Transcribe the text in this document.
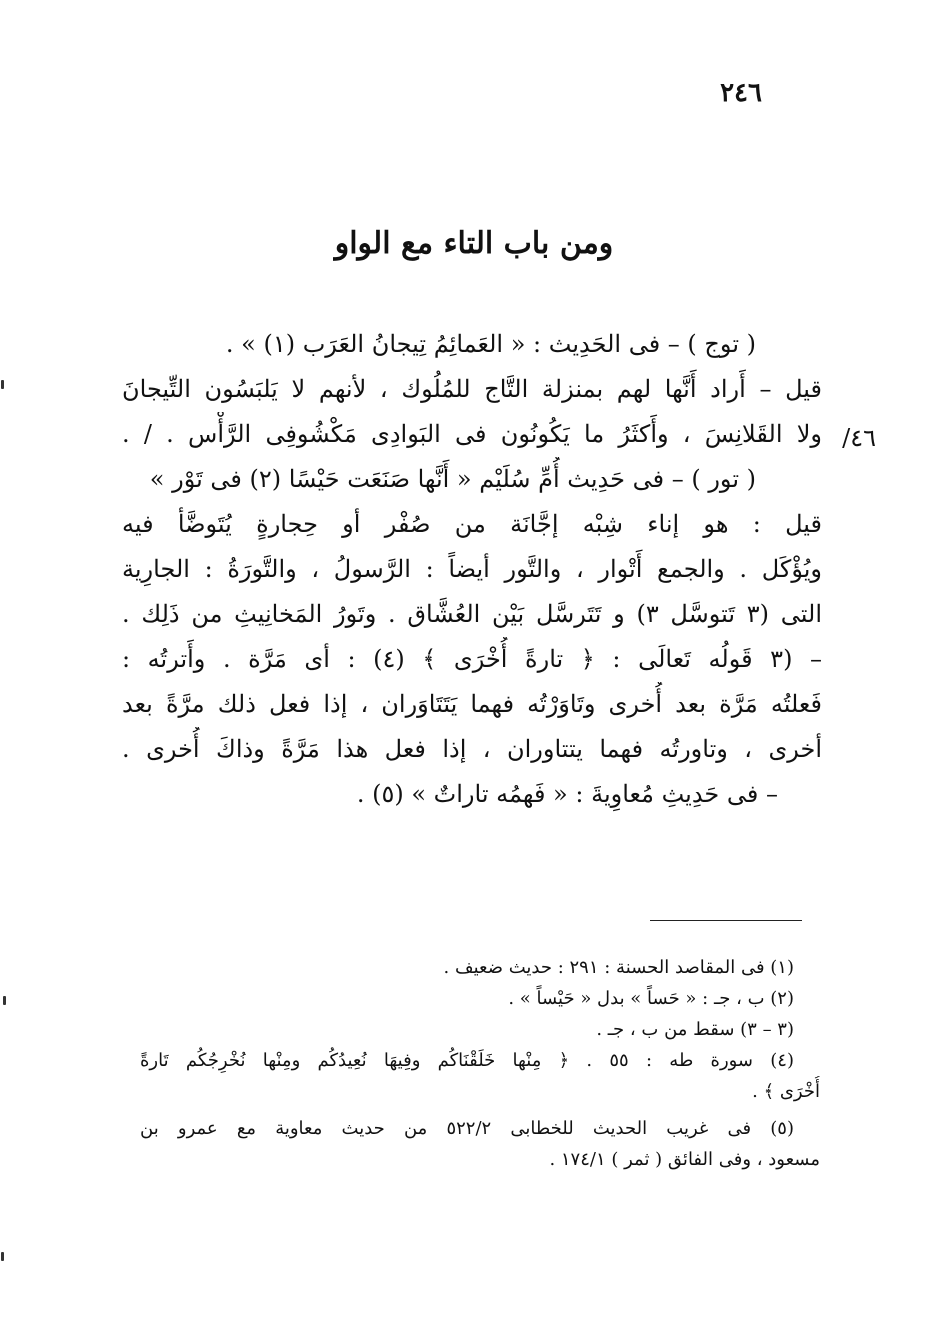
٢٤٦
ومن باب التاء مع الواو
٤٦/
( توج ) – فى الحَدِيث : « العَمائِمُ تِيجانُ العَرَب (١) » .
قيل – أَراد أَنَّها لهم بمنزلة التَّاج للمُلُوك ، لأنهم لا يَلبَسُون التِّيجانَ
ولا القَلانِسَ ، وأَكثَرُ ما يَكُونُون فى البَوادِى مَكْشُوفِى الرَّأْس . / .
( تور ) – فى حَدِيث أُمِّ سُلَيْم « أَنَّها صَنَعَت حَيْسًا (٢) فى تَوْر »
قيل : هو إناء شِبْه إجَّانَة من صُفْر أو حِجارةٍ يُتَوضَّأ فيه
ويُؤْكَل . والجمع أَتْوار ، والتَّور أيضاً : الرَّسولُ ، والتَّورَةُ : الجارِية
التى (٣ تَتوسَّل ٣) و تَتَرسَّل بَيْن العُشَّاق . وتَورُ المَخانِيثِ من ذَلِك .
– (٣ قَولُه تَعالَى : ﴿ تارةً أُخْرَى ﴾ (٤) : أى مَرَّة . وأَترتُه :
فَعلتُه مَرَّة بعد أُخرى وتَاوَرْتُه فهما يَتَتَاوَران ، إذا فعل ذلك مرَّةً بعد
أخرى ، وتاورتُه فهما يتتاوران ، إذا فعل هذا مَرَّةً وذاكَ أُخرى .
– فى حَدِيثِ مُعاوِيةَ : « فَهمُه تاراتٌ » (٥) .
(١) فى المقاصد الحسنة : ٢٩١ : حديث ضعيف .
(٢) ب ، جـ : « حَساً » بدل « حَيْساً » .
(٣ – ٣) سقط من ب ، جـ .
(٤) سورة طه : ٥٥ . ﴿ مِنْها خَلَقْنَاكُم وفِيهَا نُعِيدُكُم ومِنْها نُخْرِجُكُم تَارةً
أُخْرَى ﴾ .
(٥) فى غريب الحديث للخطابى ٥٢٢/٢ من حديث معاوية مع عمرو بن
مسعود ، وفى الفائق ( ثمر ) ١٧٤/١ .
